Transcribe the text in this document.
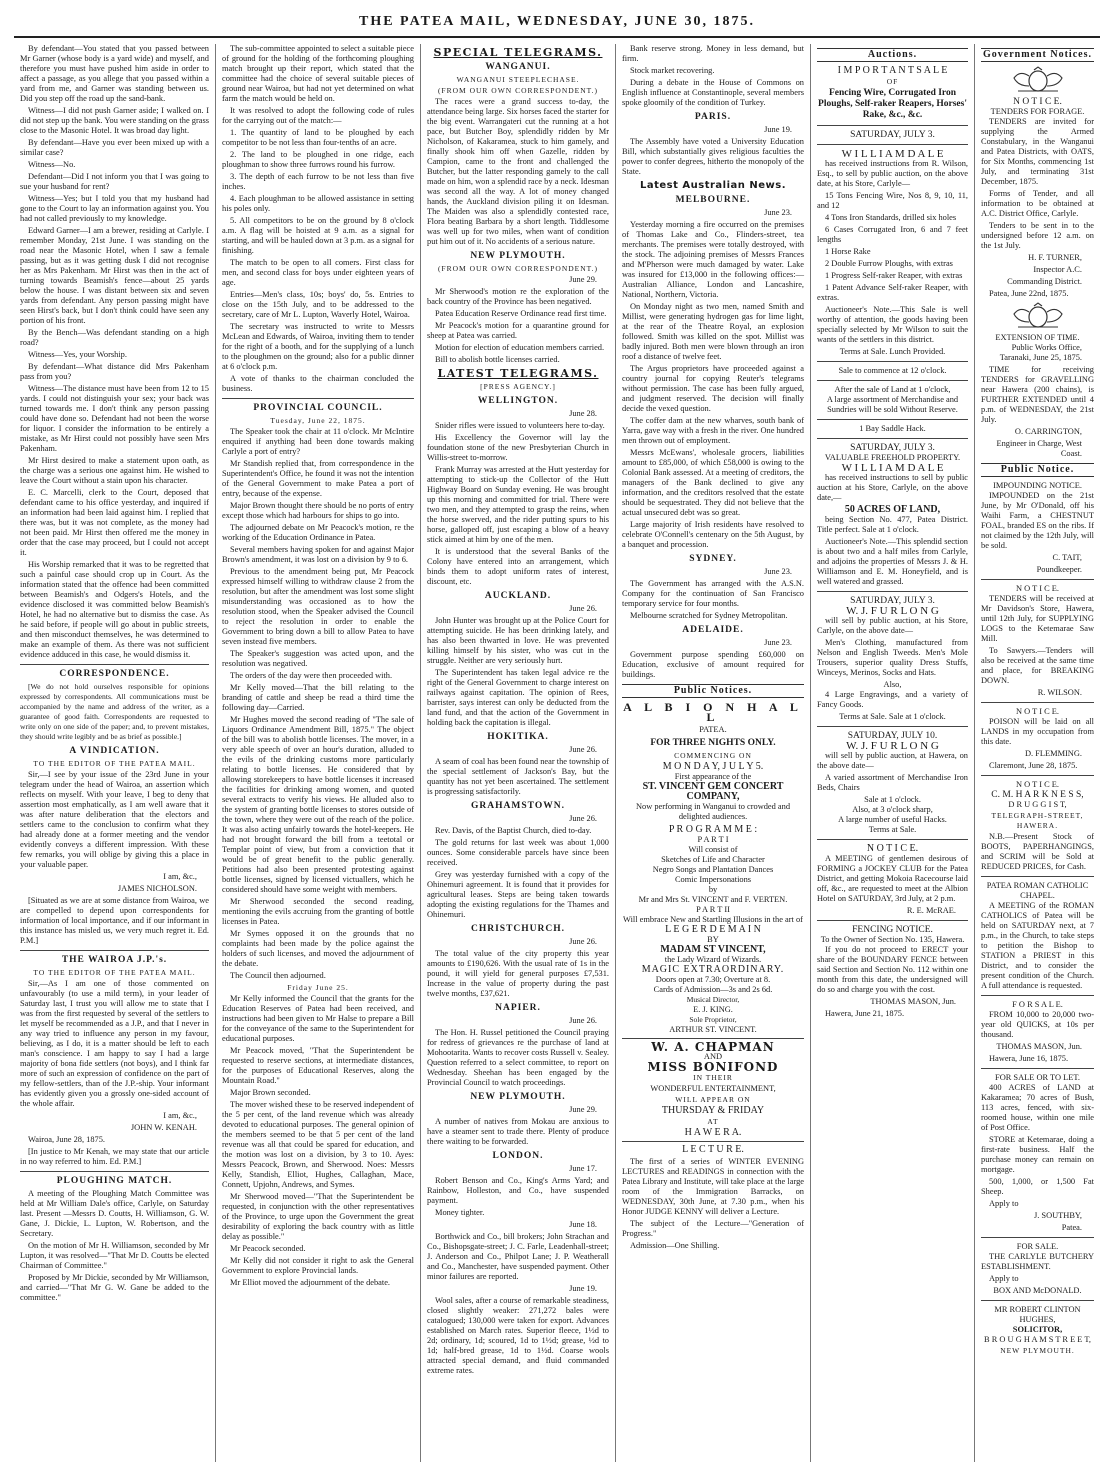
THE PATEA MAIL, WEDNESDAY, JUNE 30, 1875.

By defendant—You stated that you passed between Mr Garner (whose body is a yard wide) and myself, and therefore you must have pushed him aside in order to affect a passage, as you allege that you passed within a yard from me, and Garner was standing between us. Did you step off the road up the sand-bank.

Witness—I did not push Garner aside; I walked on. I did not step up the bank. You were standing on the grass close to the Masonic Hotel. It was broad day light.

By defendant—Have you ever been mixed up with a similar case?

Witness—No.

Defendant—Did I not inform you that I was going to sue your husband for rent?

Witness—Yes; but I told you that my husband had gone to the Court to lay an information against you. You had not called previously to my knowledge.

Edward Garner—I am a brewer, residing at Carlyle. I remember Monday, 21st June. I was standing on the road near the Masonic Hotel, when I saw a female passing, but as it was getting dusk I did not recognise her as Mrs Pakenham. Mr Hirst was then in the act of turning towards Beamish's fence—about 25 yards below the house. I was distant between six and seven yards from defendant. Any person passing might have seen Hirst's back, but I don't think could have seen any portion of his front.

By the Bench—Was defendant standing on a high road?

Witness—Yes, your Worship.

By defendant—What distance did Mrs Pakenham pass from you?

Witness—The distance must have been from 12 to 15 yards. I could not distinguish your sex; your back was turned towards me. I don't think any person passing could have done so. Defendant had not been the worse for liquor. I consider the information to be entirely a mistake, as Mr Hirst could not possibly have seen Mrs Pakenham.

Mr Hirst desired to make a statement upon oath, as the charge was a serious one against him. He wished to leave the Court without a stain upon his character.

E. C. Marcelli, clerk to the Court, deposed that defendant came to his office yesterday, and inquired if an information had been laid against him. I replied that there was, but it was not complete, as the money had not been paid. Mr Hirst then offered me the money in order that the case may proceed, but I could not accept it.

His Worship remarked that it was to be regretted that such a painful case should crop up in Court. As the information stated that the offence had been committed between Beamish's and Odgers's Hotels, and the evidence disclosed it was committed below Beamish's Hotel, he had no alternative but to dismiss the case. As he said before, if people will go about in public streets, and then misconduct themselves, he was determined to make an example of them. As there was not sufficient evidence adduced in this case, he would dismiss it.

CORRESPONDENCE.

[We do not hold ourselves responsible for opinions expressed by correspondents. All communications must be accompanied by the name and address of the writer, as a guarantee of good faith. Correspondents are requested to write only on one side of the paper; and, to prevent mistakes, they should write legibly and be as brief as possible.]

A VINDICATION.
TO THE EDITOR OF THE PATEA MAIL.

Sir,—I see by your issue of the 23rd June in your telegram under the head of Wairoa, an assertion which reflects on myself. With your leave, I beg to deny that assertion most emphatically, as I am well aware that it was after nature deliberation that the electors and settlers came to the conclusion to confirm what they had already done at a former meeting and the vendor evidently conveys a different impression. With these few remarks, you will oblige by giving this a place in your valuable paper.

I am, &c.,

JAMES NICHOLSON.

[Situated as we are at some distance from Wairoa, we are compelled to depend upon correspondents for information of local importance, and if our informant in this instance has misled us, we very much regret it. Ed. P.M.]

THE WAIROA J.P.'s.
TO THE EDITOR OF THE PATEA MAIL.

Sir,—As I am one of those commented on unfavourably (to use a mild term), in your leader of Saturday last, I trust you will allow me to state that I was from the first requested by several of the settlers to let myself be recommended as a J.P., and that I never in any way tried to influence any person in my favour, believing, as I do, it is a matter should be left to each man's conscience. I am happy to say I had a large majority of bona fide settlers (not boys), and I think far more of such an expression of confidence on the part of my fellow-settlers, than of the J.P.-ship. Your informant has evidently given you a grossly one-sided account of the whole affair.

I am, &c.,

JOHN W. KENAH.

Wairoa, June 28, 1875.

[In justice to Mr Kenah, we may state that our article in no way referred to him. Ed. P.M.]

PLOUGHING MATCH.

A meeting of the Ploughing Match Committee was held at Mr William Dale's office, Carlyle, on Saturday last. Present —Messrs D. Coutts, H. Williamson, G. W. Gane, J. Dickie, L. Lupton, W. Robertson, and the Secretary.

On the motion of Mr H. Williamson, seconded by Mr Lupton, it was resolved—"That Mr D. Coutts be elected Chairman of Committee."

Proposed by Mr Dickie, seconded by Mr Williamson, and carried—"That Mr G. W. Gane be added to the committee."

The sub-committee appointed to select a suitable piece of ground for the holding of the forthcoming ploughing match brought up their report, which stated that the committee had the choice of several suitable pieces of ground near Wairoa, but had not yet determined on what farm the match would be held on.

It was resolved to adopt the following code of rules for the carrying out of the match:—

1. The quantity of land to be ploughed by each competitor to be not less than four-tenths of an acre.

2. The land to be ploughed in one ridge, each ploughman to show three furrows round his furrow.

3. The depth of each furrow to be not less than five inches.

4. Each ploughman to be allowed assistance in setting his poles only.

5. All competitors to be on the ground by 8 o'clock a.m. A flag will be hoisted at 9 a.m. as a signal for starting, and will be hauled down at 3 p.m. as a signal for finishing.

The match to be open to all comers. First class for men, and second class for boys under eighteen years of age.

Entries—Men's class, 10s; boys' do, 5s. Entries to close on the 15th July, and to be addressed to the secretary, care of Mr L. Lupton, Waverly Hotel, Wairoa.

The secretary was instructed to write to Messrs McLean and Edwards, of Wairoa, inviting them to tender for the right of a booth, and for the supplying of a lunch to the ploughmen on the ground; also for a public dinner at 6 o'clock p.m.

A vote of thanks to the chairman concluded the business.

PROVINCIAL COUNCIL.
Tuesday, June 22, 1875.

The Speaker took the chair at 11 o'clock. Mr McIntire enquired if anything had been done towards making Carlyle a port of entry?

Mr Standish replied that, from correspondence in the Superintendent's Office, he found it was not the intention of the General Government to make Patea a port of entry, because of the expense.

Major Brown thought there should be no ports of entry except those which had harbours for ships to go into.

The adjourned debate on Mr Peacock's motion, re the working of the Education Ordinance in Patea.

Several members having spoken for and against Major Brown's amendment, it was lost on a division by 9 to 6.

Previous to the amendment being put, Mr Peacock expressed himself willing to withdraw clause 2 from the resolution, but after the amendment was lost some slight misunderstanding was occasioned as to how the resolution stood, when the Speaker advised the Council to reject the resolution in order to enable the Government to bring down a bill to allow Patea to have seven instead five members.

The Speaker's suggestion was acted upon, and the resolution was negatived.

The orders of the day were then proceeded with.

Mr Kelly moved—That the bill relating to the branding of cattle and sheep be read a third time the following day—Carried.

Mr Hughes moved the second reading of "The sale of Liquors Ordinance Amendment Bill, 1875." The object of the bill was to abolish bottle licenses. The mover, in a very able speech of over an hour's duration, alluded to the evils of the drinking customs more particularly relating to bottle licenses. He considered that by allowing storekeepers to have bottle licenses it increased the facilities for drinking among women, and quoted several extracts to verify his views. He alluded also to the system of granting bottle licenses to stores outside of the town, where they were out of the reach of the police. It was also acting unfairly towards the hotel-keepers. He had not brought forward the bill from a teetotal or Templar point of view, but from a conviction that it would be of great benefit to the public generally. Petitions had also been presented protesting against bottle licenses, signed by licensed victuallers, which he considered should have some weight with members.

Mr Sherwood seconded the second reading, mentioning the evils accruing from the granting of bottle licenses in Patea.

Mr Symes opposed it on the grounds that no complaints had been made by the police against the holders of such licenses, and moved the adjournment of the debate.

The Council then adjourned.

Friday June 25.

Mr Kelly informed the Council that the grants for the Education Reserves of Patea had been received, and instructions had been given to Mr Halse to prepare a Bill for the conveyance of the same to the Superintendent for educational purposes.

Mr Peacock moved, "That the Superintendent be requested to reserve sections, at intermediate distances, for the purposes of Educational Reserves, along the Mountain Road."

Major Brown seconded.

The mover wished these to be reserved independent of the 5 per cent, of the land revenue which was already devoted to educational purposes. The general opinion of the members seemed to be that 5 per cent of the land revenue was all that could be spared for education, and the motion was lost on a division, by 3 to 10. Ayes: Messrs Peacock, Brown, and Sherwood. Noes: Messrs Kelly, Standish, Elliot, Hughes, Callaghan, Mace, Connett, Upjohn, Andrews, and Symes.

Mr Sherwood moved—"That the Superintendent be requested, in conjunction with the other representatives of the Province, to urge upon the Government the great desirability of exploring the back country with as little delay as possible."

Mr Peacock seconded.

Mr Kelly did not consider it right to ask the General Government to explore Provincial lands.

Mr Elliot moved the adjournment of the debate.

SPECIAL TELEGRAMS.
WANGANUI.
WANGANUI STEEPLECHASE.
(FROM OUR OWN CORRESPONDENT.)

The races were a grand success to-day, the attendance being large. Six horses faced the starter for the big event. Warrangateri cut the running at a hot pace, but Butcher Boy, splendidly ridden by Mr Nicholson, of Kakaramea, stuck to him gamely, and finally shook him off when Gazelle, ridden by Campion, came to the front and challenged the Butcher, but the latter responding gamely to the call made on him, won a splendid race by a neck. Idesman was second all the way. A lot of money changed hands, the Auckland division piling it on Idesman. The Maiden was also a splendidly contested race, Flora beating Barbara by a short length. Tiddlesome was well up for two miles, when want of condition put him out of it. No accidents of a serious nature.

NEW PLYMOUTH.
(FROM OUR OWN CORRESPONDENT.)

June 29.

Mr Sherwood's motion re the exploration of the back country of the Province has been negatived.

Patea Education Reserve Ordinance read first time.

Mr Peacock's motion for a quarantine ground for sheep at Patea was carried.

Motion for election of education members carried.

Bill to abolish bottle licenses carried.

LATEST TELEGRAMS.
[PRESS AGENCY.]
WELLINGTON.

June 28.

Snider rifles were issued to volunteers here to-day.

His Excellency the Governor will lay the foundation stone of the new Presbyterian Church in Willis-street to-morrow.

Frank Murray was arrested at the Hutt yesterday for attempting to stick-up the Collector of the Hutt Highway Board on Sunday evening. He was brought up this morning and committed for trial. There were two men, and they attempted to grasp the reins, when the horse swerved, and the rider putting spurs to his horse, galloped off, just escaping a blow of a heavy stick aimed at him by one of the men.

It is understood that the several Banks of the Colony have entered into an arrangement, which binds them to adopt uniform rates of interest, discount, etc.

AUCKLAND.

June 26.

John Hunter was brought up at the Police Court for attempting suicide. He has been drinking lately, and has also been thwarted in love. He was prevented killing himself by his sister, who was cut in the struggle. Neither are very seriously hurt.

The Superintendent has taken legal advice re the right of the General Government to charge interest on railways against capitation. The opinion of Rees, barrister, says interest can only be deducted from the land fund, and that the action of the Government in holding back the capitation is illegal.

HOKITIKA.

June 26.

A seam of coal has been found near the township of the special settlement of Jackson's Bay, but the quantity has not yet been ascertained. The settlement is progressing satisfactorily.

GRAHAMSTOWN.

June 26.

Rev. Davis, of the Baptist Church, died to-day.

The gold returns for last week was about 1,000 ounces. Some considerable parcels have since been received.

Grey was yesterday furnished with a copy of the Ohinemuri agreement. It is found that it provides for agricultural leases. Steps are being taken towards adopting the existing regulations for the Thames and Ohinemuri.

CHRISTCHURCH.

June 26.

The total value of the city property this year amounts to £190,626. With the usual rate of 1s in the pound, it will yield for general purposes £7,531. Increase in the value of property during the past twelve months, £37,621.

NAPIER.

June 26.

The Hon. H. Russel petitioned the Council praying for redress of grievances re the purchase of land at Mohootarita. Wants to recover costs Russell v. Sealey. Question referred to a select committee, to report on Wednesday. Sheehan has been engaged by the Provincial Council to watch proceedings.

NEW PLYMOUTH.

June 29.

A number of natives from Mokau are anxious to have a steamer sent to trade there. Plenty of produce there waiting to be forwarded.

LONDON.

June 17.

Robert Benson and Co., King's Arms Yard; and Rainbow, Holleston, and Co., have suspended payment.

Money tighter.

June 18.

Borthwick and Co., bill brokers; John Strachan and Co., Bishopsgate-street; J. C. Farle, Leadenhall-street; J. Anderson and Co., Philpot Lane; J. P. Weatherall and Co., Manchester, have suspended payment. Other minor failures are reported.

June 19.

Wool sales, after a course of remarkable steadiness, closed slightly weaker: 271,272 bales were catalogued; 130,000 were taken for export. Advances established on March rates. Superior fleece, 1½d to 2d; ordinary, 1d; scoured, 1d to 1½d; grease, ½d to 1d; half-bred grease, 1d to 1½d. Coarse wools attracted special demand, and fluid commanded extreme rates.

Bank reserve strong. Money in less demand, but firm.

Stock market recovering.

During a debate in the House of Commons on English influence at Constantinople, several members spoke gloomily of the condition of Turkey.

PARIS.

June 19.

The Assembly have voted a University Education Bill, which substantially gives religious faculties the power to confer degrees, hitherto the monopoly of the State.

Latest Australian News.
MELBOURNE.

June 23.

Yesterday morning a fire occurred on the premises of Thomas Lake and Co., Flinders-street, tea merchants. The premises were totally destroyed, with the stock. The adjoining premises of Messrs Frances and M'Pherson were much damaged by water. Lake was insured for £13,000 in the following offices:—Australian Alliance, London and Lancashire, National, Northern, Victoria.

On Monday night as two men, named Smith and Millist, were generating hydrogen gas for lime light, at the rear of the Theatre Royal, an explosion followed. Smith was killed on the spot. Millist was badly injured. Both men were blown through an iron roof a distance of twelve feet.

The Argus proprietors have proceeded against a country journal for copying Reuter's telegrams without permission. The case has been fully argued, and judgment reserved. The decision will finally decide the vexed question.

The coffer dam at the new wharves, south bank of Yarra, gave way with a fresh in the river. One hundred men thrown out of employment.

Messrs McEwans', wholesale grocers, liabilities amount to £85,000, of which £58,000 is owing to the Colonial Bank assessed. At a meeting of creditors, the managers of the Bank declined to give any information, and the creditors resolved that the estate should be sequestrated. They did not believe that the actual unsecured debt was so great.

Large majority of Irish residents have resolved to celebrate O'Connell's centenary on the 5th August, by a banquet and procession.

SYDNEY.

June 23.

The Government has arranged with the A.S.N. Company for the continuation of San Francisco temporary service for four months.

Melbourne scratched for Sydney Metropolitan.

ADELAIDE.

June 23.

Government purpose spending £60,000 on Education, exclusive of amount required for buildings.

Public Notices.
A L B I O N H A L L
PATEA.
FOR THREE NIGHTS ONLY.
COMMENCING ON
M O N D A Y, J U L Y 5.
First appearance of the
ST. VINCENT GEM CONCERT COMPANY,
Now performing in Wanganui to crowded and delighted audiences.
P R O G R A M M E :
P A R T I
Will consist of
Sketches of Life and Character
Negro Songs and Plantation Dances
Comic Impersonations
by
Mr and Mrs St. VINCENT and F. VERTEN.
P A R T II
Will embrace New and Startling Illusions in the art of
L E G E R D E M A I N
BY
MADAM ST VINCENT,
the Lady Wizard of Wizards.
MAGIC EXTRAORDINARY.
Doors open at 7.30; Overture at 8.
Cards of Admission—3s and 2s 6d.
Musical Director,
E. J. KING.
Sole Proprietor,
ARTHUR ST. VINCENT.
W. A. CHAPMAN
AND
MISS BONIFOND
IN THEIR
WONDERFUL ENTERTAINMENT,
WILL APPEAR ON
THURSDAY & FRIDAY
AT
H A W E R A.
L E C T U R E.

The first of a series of WINTER EVENING LECTURES and READINGS in connection with the Patea Library and Institute, will take place at the large room of the Immigration Barracks, on WEDNESDAY, 30th June, at 7.30 p.m., when his Honor JUDGE KENNY will deliver a Lecture.

The subject of the Lecture—"Generation of Progress."

Admission—One Shilling.

Auctions.
I M P O R T A N T S A L E
OF
Fencing Wire, Corrugated Iron Ploughs, Self-raker Reapers, Horses' Rake, &c., &c.
SATURDAY, JULY 3.
W I L L I A M D A L E

has received instructions from R. Wilson, Esq., to sell by public auction, on the above date, at his Store, Carlyle—

15 Tons Fencing Wire, Nos 8, 9, 10, 11, and 12

4 Tons Iron Standards, drilled six holes

6 Cases Corrugated Iron, 6 and 7 feet lengths

1 Horse Rake

2 Double Furrow Ploughs, with extras

1 Progress Self-raker Reaper, with extras

1 Patent Advance Self-raker Reaper, with extras.

Auctioneer's Note.—This Sale is well worthy of attention, the goods having been specially selected by Mr Wilson to suit the wants of the settlers in this district.

Terms at Sale. Lunch Provided.
Sale to commence at 12 o'clock.
After the sale of Land at 1 o'clock,
A large assortment of Merchandise and Sundries will be sold Without Reserve.
1 Bay Saddle Hack.
SATURDAY, JULY 3.
VALUABLE FREEHOLD PROPERTY.
W I L L I A M D A L E

has received instructions to sell by public auction at his Store, Carlyle, on the above date,—

50 ACRES OF LAND,

being Section No. 477, Patea District. Title perfect. Sale at 1 o'clock.

Auctioneer's Note.—This splendid section is about two and a half miles from Carlyle, and adjoins the properties of Messrs J. & H. Williamson and E. M. Honeyfield, and is well watered and grassed.

SATURDAY, JULY 3.
W. J. F U R L O N G

will sell by public auction, at his Store, Carlyle, on the above date—

Men's Clothing, manufactured from Nelson and English Tweeds. Men's Mole Trousers, superior quality Dress Stuffs, Winceys, Merinos, Socks and Hats.

Also,

4 Large Engravings, and a variety of Fancy Goods.

Terms at Sale. Sale at 1 o'clock.
SATURDAY, JULY 10.
W. J. F U R L O N G

will sell by public auction, at Hawera, on the above date—

A varied assortment of Merchandise Iron Beds, Chairs

Sale at 1 o'clock.
Also, at 3 o'clock sharp,
A large number of useful Hacks.
Terms at Sale.
N O T I C E.

A MEETING of gentlemen desirous of FORMING a JOCKEY CLUB for the Patea District, and getting Mokoia Racecourse laid off, &c., are requested to meet at the Albion Hotel on SATURDAY, 3rd July, at 2 p.m.

R. E. McRAE.

FENCING NOTICE.
To the Owner of Section No. 135, Hawera.

If you do not proceed to ERECT your share of the BOUNDARY FENCE between said Section and Section No. 112 within one month from this date, the undersigned will do so and charge you with the cost.

THOMAS MASON, Jun.

Hawera, June 21, 1875.

Government Notices.
N O T I C E.
TENDERS FOR FORAGE.

TENDERS are invited for supplying the Armed Constabulary, in the Wanganui and Patea Districts, with OATS, for Six Months, commencing 1st July, and terminating 31st December, 1875.

Forms of Tender, and all information to be obtained at A.C. District Office, Carlyle.

Tenders to be sent in to the undersigned before 12 a.m. on the 1st July.

H. F. TURNER,

Inspector A.C.

Commanding District.

Patea, June 22nd, 1875.

EXTENSION OF TIME.

Public Works Office, Taranaki, June 25, 1875.

TIME for receiving TENDERS for GRAVELLING near Hawera (200 chains), is FURTHER EXTENDED until 4 p.m. of WEDNESDAY, the 21st July.

O. CARRINGTON,

Engineer in Charge, West Coast.

Public Notice.
IMPOUNDING NOTICE.

IMPOUNDED on the 21st June, by Mr O'Donald, off his Waihi Farm, a CHESTNUT FOAL, branded ES on the ribs. If not claimed by the 12th July, will be sold.

C. TAIT,

Poundkeeper.

N O T I C E.

TENDERS will be received at Mr Davidson's Store, Hawera, until 12th July, for SUPPLYING LOGS to the Ketemarae Saw Mill.

To Sawyers.—Tenders will also be received at the same time and place, for BREAKING DOWN.

R. WILSON.

N O T I C E.

POISON will be laid on all LANDS in my occupation from this date.

D. FLEMMING.

Claremont, June 28, 1875.

N O T I C E.
C. M. H A R K N E S S,
D R U G G I S T,
TELEGRAPH-STREET, HAWERA.

N.B.—Present Stock of BOOTS, PAPERHANGINGS, and SCRIM will be Sold at REDUCED PRICES, for Cash.

PATEA ROMAN CATHOLIC CHAPEL.

A MEETING of the ROMAN CATHOLICS of Patea will be held on SATURDAY next, at 7 p.m., in the Church, to take steps to petition the Bishop to STATION a PRIEST in this District, and to consider the present condition of the Church. A full attendance is requested.

F O R S A L E.

FROM 10,000 to 20,000 two-year old QUICKS, at 10s per thousand.

THOMAS MASON, Jun.

Hawera, June 16, 1875.

FOR SALE OR TO LET.

400 ACRES of LAND at Kakaramea; 70 acres of Bush, 113 acres, fenced, with six-roomed house, within one mile of Post Office.

STORE at Ketemarae, doing a first-rate business. Half the purchase money can remain on mortgage.

500, 1,000, or 1,500 Fat Sheep.

Apply to

J. SOUTHBY,

Patea.

FOR SALE.

THE CARLYLE BUTCHERY ESTABLISHMENT.

Apply to

BOX AND McDONALD.
MR ROBERT CLINTON HUGHES,
SOLICITOR,
B R O U G H A M S T R E E T,
NEW PLYMOUTH.
